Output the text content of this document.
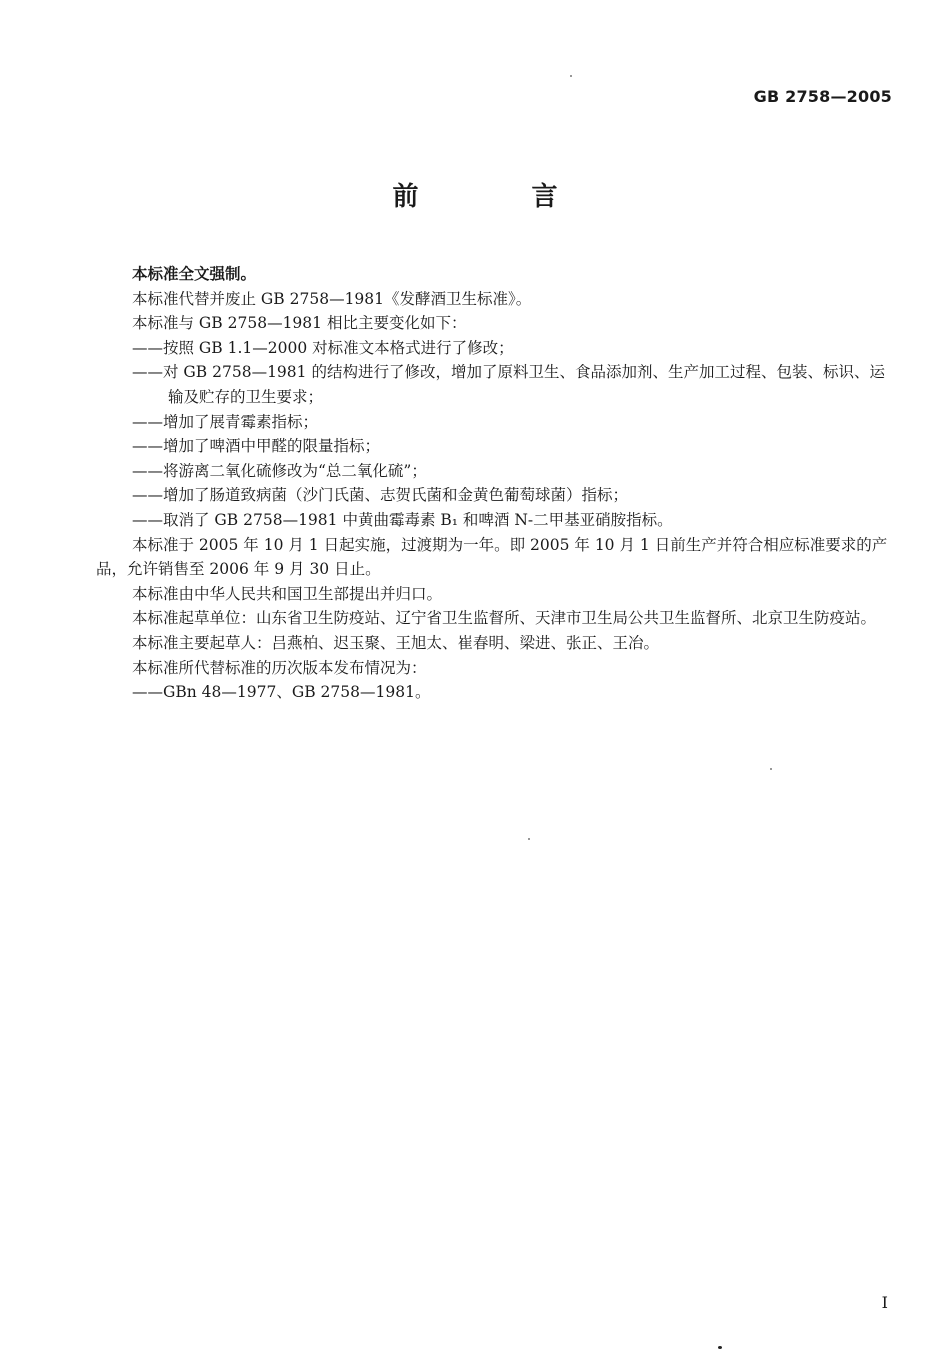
GB 2758—2005
前 言

本标准全文强制。

本标准代替并废止 GB 2758—1981《发酵酒卫生标准》。

本标准与 GB 2758—1981 相比主要变化如下：

——按照 GB 1.1—2000 对标准文本格式进行了修改；

——对 GB 2758—1981 的结构进行了修改，增加了原料卫生、食品添加剂、生产加工过程、包装、标识、运输及贮存的卫生要求；

——增加了展青霉素指标；

——增加了啤酒中甲醛的限量指标；

——将游离二氧化硫修改为“总二氧化硫”；

——增加了肠道致病菌（沙门氏菌、志贺氏菌和金黄色葡萄球菌）指标；

——取消了 GB 2758—1981 中黄曲霉毒素 B₁ 和啤酒 N-二甲基亚硝胺指标。

本标准于 2005 年 10 月 1 日起实施，过渡期为一年。即 2005 年 10 月 1 日前生产并符合相应标准要求的产品，允许销售至 2006 年 9 月 30 日止。

本标准由中华人民共和国卫生部提出并归口。

本标准起草单位：山东省卫生防疫站、辽宁省卫生监督所、天津市卫生局公共卫生监督所、北京卫生防疫站。

本标准主要起草人：吕燕柏、迟玉聚、王旭太、崔春明、梁进、张正、王冶。

本标准所代替标准的历次版本发布情况为：

——GBn 48—1977、GB 2758—1981。

I
